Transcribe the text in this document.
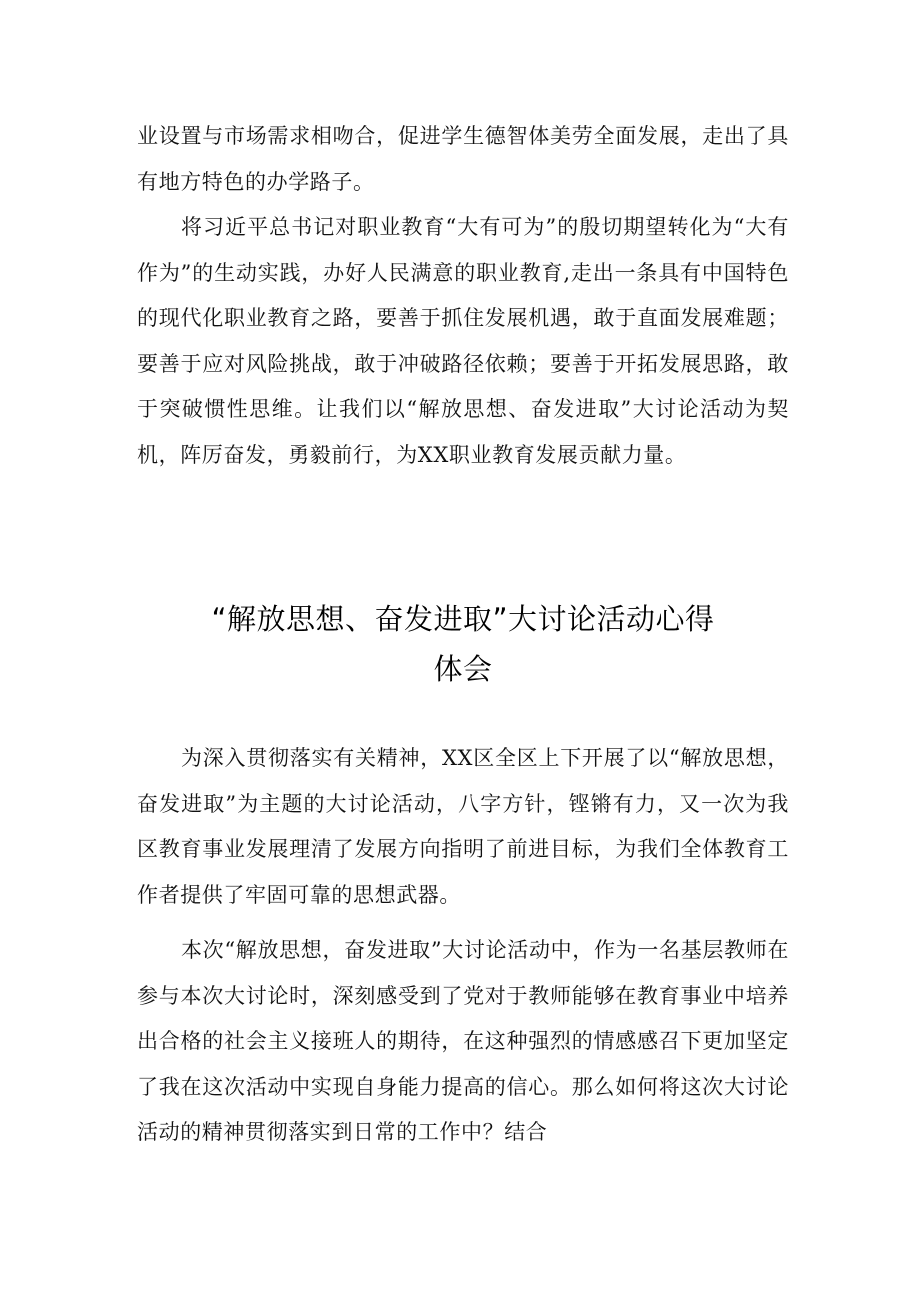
业设置与市场需求相吻合，促进学生德智体美劳全面发展，走出了具有地方特色的办学路子。

将习近平总书记对职业教育“大有可为”的殷切期望转化为“大有作为”的生动实践，办好人民满意的职业教育,走出一条具有中国特色的现代化职业教育之路，要善于抓住发展机遇，敢于直面发展难题；要善于应对风险挑战，敢于冲破路径依赖；要善于开拓发展思路，敢于突破惯性思维。让我们以“解放思想、奋发进取”大讨论活动为契机，阵厉奋发，勇毅前行，为XX职业教育发展贡献力量。

“解放思想、奋发进取”大讨论活动心得
体会

为深入贯彻落实有关精神，XX区全区上下开展了以“解放思想，奋发进取”为主题的大讨论活动，八字方针，铿锵有力，又一次为我区教育事业发展理清了发展方向指明了前进目标，为我们全体教育工作者提供了牢固可靠的思想武器。

本次“解放思想，奋发进取”大讨论活动中，作为一名基层教师在参与本次大讨论时，深刻感受到了党对于教师能够在教育事业中培养出合格的社会主义接班人的期待，在这种强烈的情感感召下更加坚定了我在这次活动中实现自身能力提高的信心。那么如何将这次大讨论活动的精神贯彻落实到日常的工作中？结合
